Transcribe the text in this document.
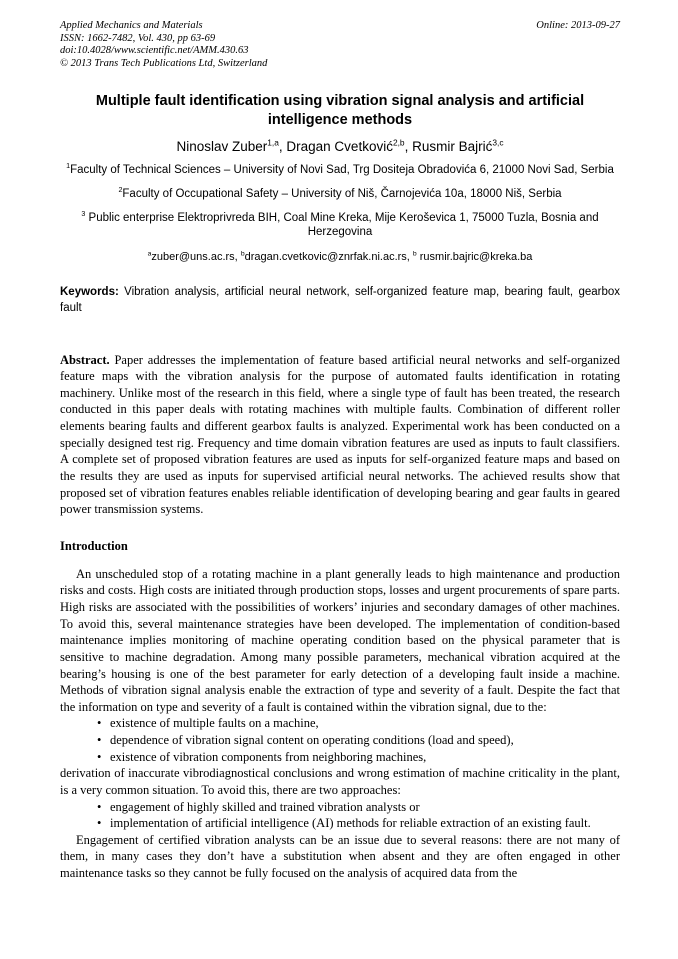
Applied Mechanics and Materials
ISSN: 1662-7482, Vol. 430, pp 63-69
doi:10.4028/www.scientific.net/AMM.430.63
© 2013 Trans Tech Publications Ltd, Switzerland
Online: 2013-09-27
Multiple fault identification using vibration signal analysis and artificial intelligence methods
Ninoslav Zuber$^{1,a}$, Dragan Cvetković$^{2,b}$, Rusmir Bajrić$^{3,c}$
$^1$Faculty of Technical Sciences – University of Novi Sad, Trg Dositeja Obradovića 6, 21000 Novi Sad, Serbia
$^2$Faculty of Occupational Safety – University of Niš, Čarnojevića 10a, 18000 Niš, Serbia
$^3$ Public enterprise Elektroprivreda BIH, Coal Mine Kreka, Mije Keroševica 1, 75000 Tuzla, Bosnia and Herzegovina
$^a$zuber@uns.ac.rs, $^b$dragan.cvetkovic@znrfak.ni.ac.rs, $^b$ rusmir.bajric@kreka.ba
Keywords: Vibration analysis, artificial neural network, self-organized feature map, bearing fault, gearbox fault
Abstract. Paper addresses the implementation of feature based artificial neural networks and self-organized feature maps with the vibration analysis for the purpose of automated faults identification in rotating machinery. Unlike most of the research in this field, where a single type of fault has been treated, the research conducted in this paper deals with rotating machines with multiple faults. Combination of different roller elements bearing faults and different gearbox faults is analyzed. Experimental work has been conducted on a specially designed test rig. Frequency and time domain vibration features are used as inputs to fault classifiers. A complete set of proposed vibration features are used as inputs for self-organized feature maps and based on the results they are used as inputs for supervised artificial neural networks. The achieved results show that proposed set of vibration features enables reliable identification of developing bearing and gear faults in geared power transmission systems.
Introduction

An unscheduled stop of a rotating machine in a plant generally leads to high maintenance and production risks and costs. High costs are initiated through production stops, losses and urgent procurements of spare parts. High risks are associated with the possibilities of workers’ injuries and secondary damages of other machines. To avoid this, several maintenance strategies have been developed. The implementation of condition-based maintenance implies monitoring of machine operating condition based on the physical parameter that is sensitive to machine degradation. Among many possible parameters, mechanical vibration acquired at the bearing’s housing is one of the best parameter for early detection of a developing fault inside a machine. Methods of vibration signal analysis enable the extraction of type and severity of a fault. Despite the fact that the information on type and severity of a fault is contained within the vibration signal, due to the:

• existence of multiple faults on a machine,
• dependence of vibration signal content on operating conditions (load and speed),
• existence of vibration components from neighboring machines,

derivation of inaccurate vibrodiagnostical conclusions and wrong estimation of machine criticality in the plant, is a very common situation. To avoid this, there are two approaches:

• engagement of highly skilled and trained vibration analysts or
• implementation of artificial intelligence (AI) methods for reliable extraction of an existing fault.

Engagement of certified vibration analysts can be an issue due to several reasons: there are not many of them, in many cases they don’t have a substitution when absent and they are often engaged in other maintenance tasks so they cannot be fully focused on the analysis of acquired data from the
